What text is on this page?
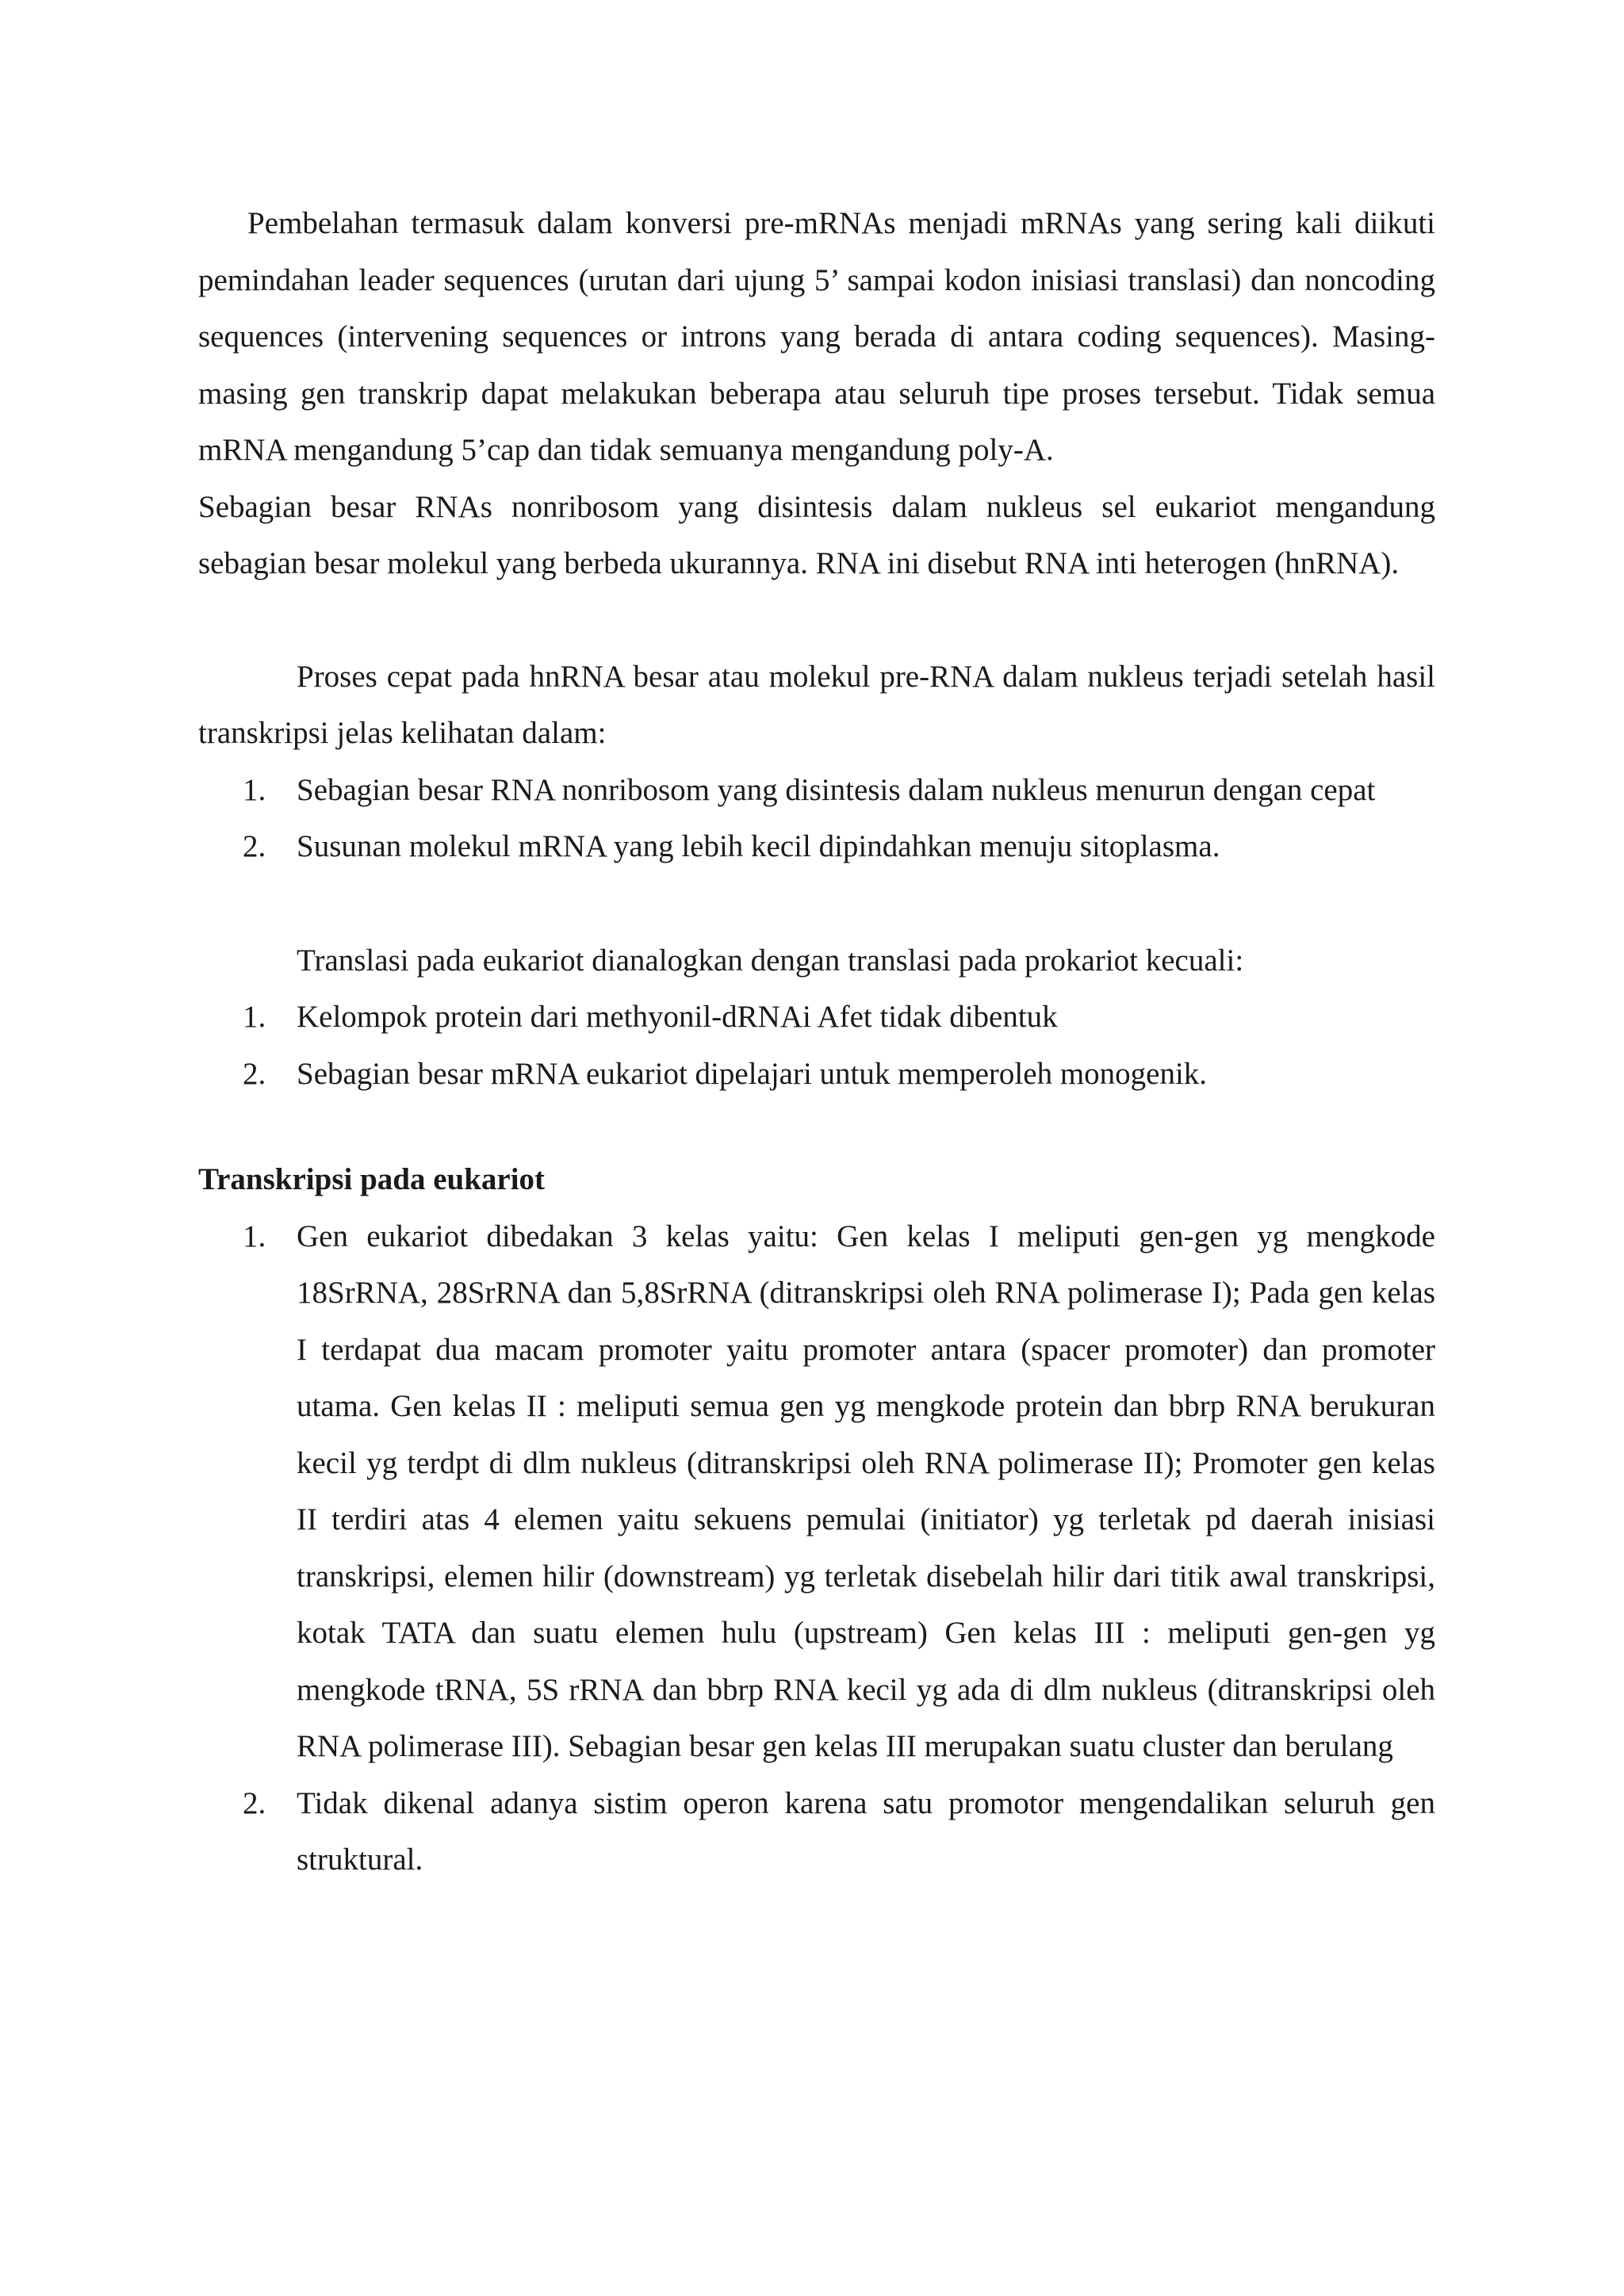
Pembelahan termasuk dalam konversi pre-mRNAs menjadi mRNAs yang sering kali diikuti pemindahan leader sequences (urutan dari ujung 5’ sampai kodon inisiasi translasi) dan noncoding sequences (intervening sequences or introns yang berada di antara coding sequences). Masing-masing gen transkrip dapat melakukan beberapa atau seluruh tipe proses tersebut. Tidak semua mRNA mengandung 5’cap dan tidak semuanya mengandung poly-A.

Sebagian besar RNAs nonribosom yang disintesis dalam nukleus sel eukariot mengandung sebagian besar molekul yang berbeda ukurannya. RNA ini disebut RNA inti heterogen (hnRNA).

Proses cepat pada hnRNA besar atau molekul pre-RNA dalam nukleus terjadi setelah hasil transkripsi jelas kelihatan dalam:

1. Sebagian besar RNA nonribosom yang disintesis dalam nukleus menurun dengan cepat
2. Susunan molekul mRNA yang lebih kecil dipindahkan menuju sitoplasma.

Translasi pada eukariot dianalogkan dengan translasi pada prokariot kecuali:

1. Kelompok protein dari methyonil-dRNAi Afet tidak dibentuk
2. Sebagian besar mRNA eukariot dipelajari untuk memperoleh monogenik.

Transkripsi pada eukariot

1. Gen eukariot dibedakan 3 kelas yaitu: Gen kelas I meliputi gen-gen yg mengkode 18SrRNA, 28SrRNA dan 5,8SrRNA (ditranskripsi oleh RNA polimerase I); Pada gen kelas I terdapat dua macam promoter yaitu promoter antara (spacer promoter) dan promoter utama. Gen kelas II : meliputi semua gen yg mengkode protein dan bbrp RNA berukuran kecil yg terdpt di dlm nukleus (ditranskripsi oleh RNA polimerase II); Promoter gen kelas II terdiri atas 4 elemen yaitu sekuens pemulai (initiator) yg terletak pd daerah inisiasi transkripsi, elemen hilir (downstream) yg terletak disebelah hilir dari titik awal transkripsi, kotak TATA dan suatu elemen hulu (upstream) Gen kelas III : meliputi gen-gen yg mengkode tRNA, 5S rRNA dan bbrp RNA kecil yg ada di dlm nukleus (ditranskripsi oleh RNA polimerase III). Sebagian besar gen kelas III merupakan suatu cluster dan berulang
2. Tidak dikenal adanya sistim operon karena satu promotor mengendalikan seluruh gen struktural.
